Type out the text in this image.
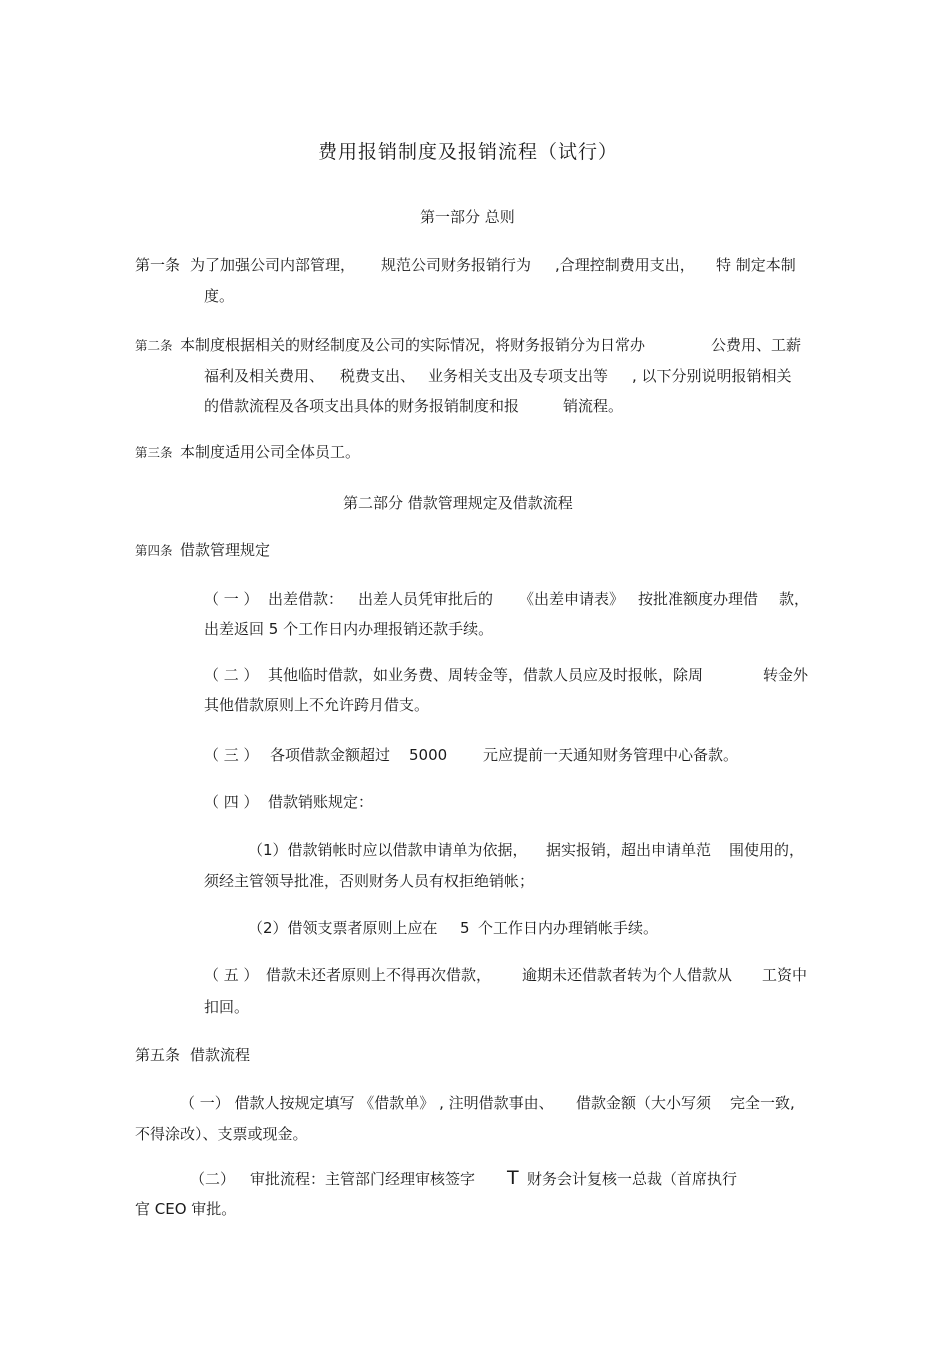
费用报销制度及报销流程（试行）
第一部分 总则
第一条 为了加强公司内部管理， 规范公司财务报销行为 ,合理控制费用支出， 特 制定本制
度。
第二条 本制度根据相关的财经制度及公司的实际情况，将财务报销分为日常办	公费用、工薪
福利及相关费用、 税费支出、 业务相关支出及专项支出等 , 以下分别说明报销相关
的借款流程及各项支出具体的财务报销制度和报	销流程。
第三条 本制度适用公司全体员工。
第二部分 借款管理规定及借款流程
第四条 借款管理规定
（ 一 ） 出差借款： 出差人员凭审批后的 《出差申请表》 按批准额度办理借 款，
出差返回 5 个工作日内办理报销还款手续。
（ 二 ） 其他临时借款，如业务费、周转金等，借款人员应及时报帐，除周	转金外
其他借款原则上不允许跨月借支。
（ 三 ） 各项借款金额超过 5000 元应提前一天通知财务管理中心备款。
（ 四 ） 借款销账规定：
（1）借款销帐时应以借款申请单为依据， 据实报销，超出申请单范 围使用的，
须经主管领导批准，否则财务人员有权拒绝销帐；
（2）借领支票者原则上应在 5 个工作日内办理销帐手续。
（ 五 ） 借款未还者原则上不得再次借款， 逾期未还借款者转为个人借款从 工资中
扣回。
第五条 借款流程
（ 一） 借款人按规定填写 《借款单》 , 注明借款事由、 借款金额（大小写须 完全一致,
不得涂改）、支票或现金。
（二） 审批流程：主管部门经理审核签字 T 财务会计复核一总裁（首席执行
官 CEO 审批。
